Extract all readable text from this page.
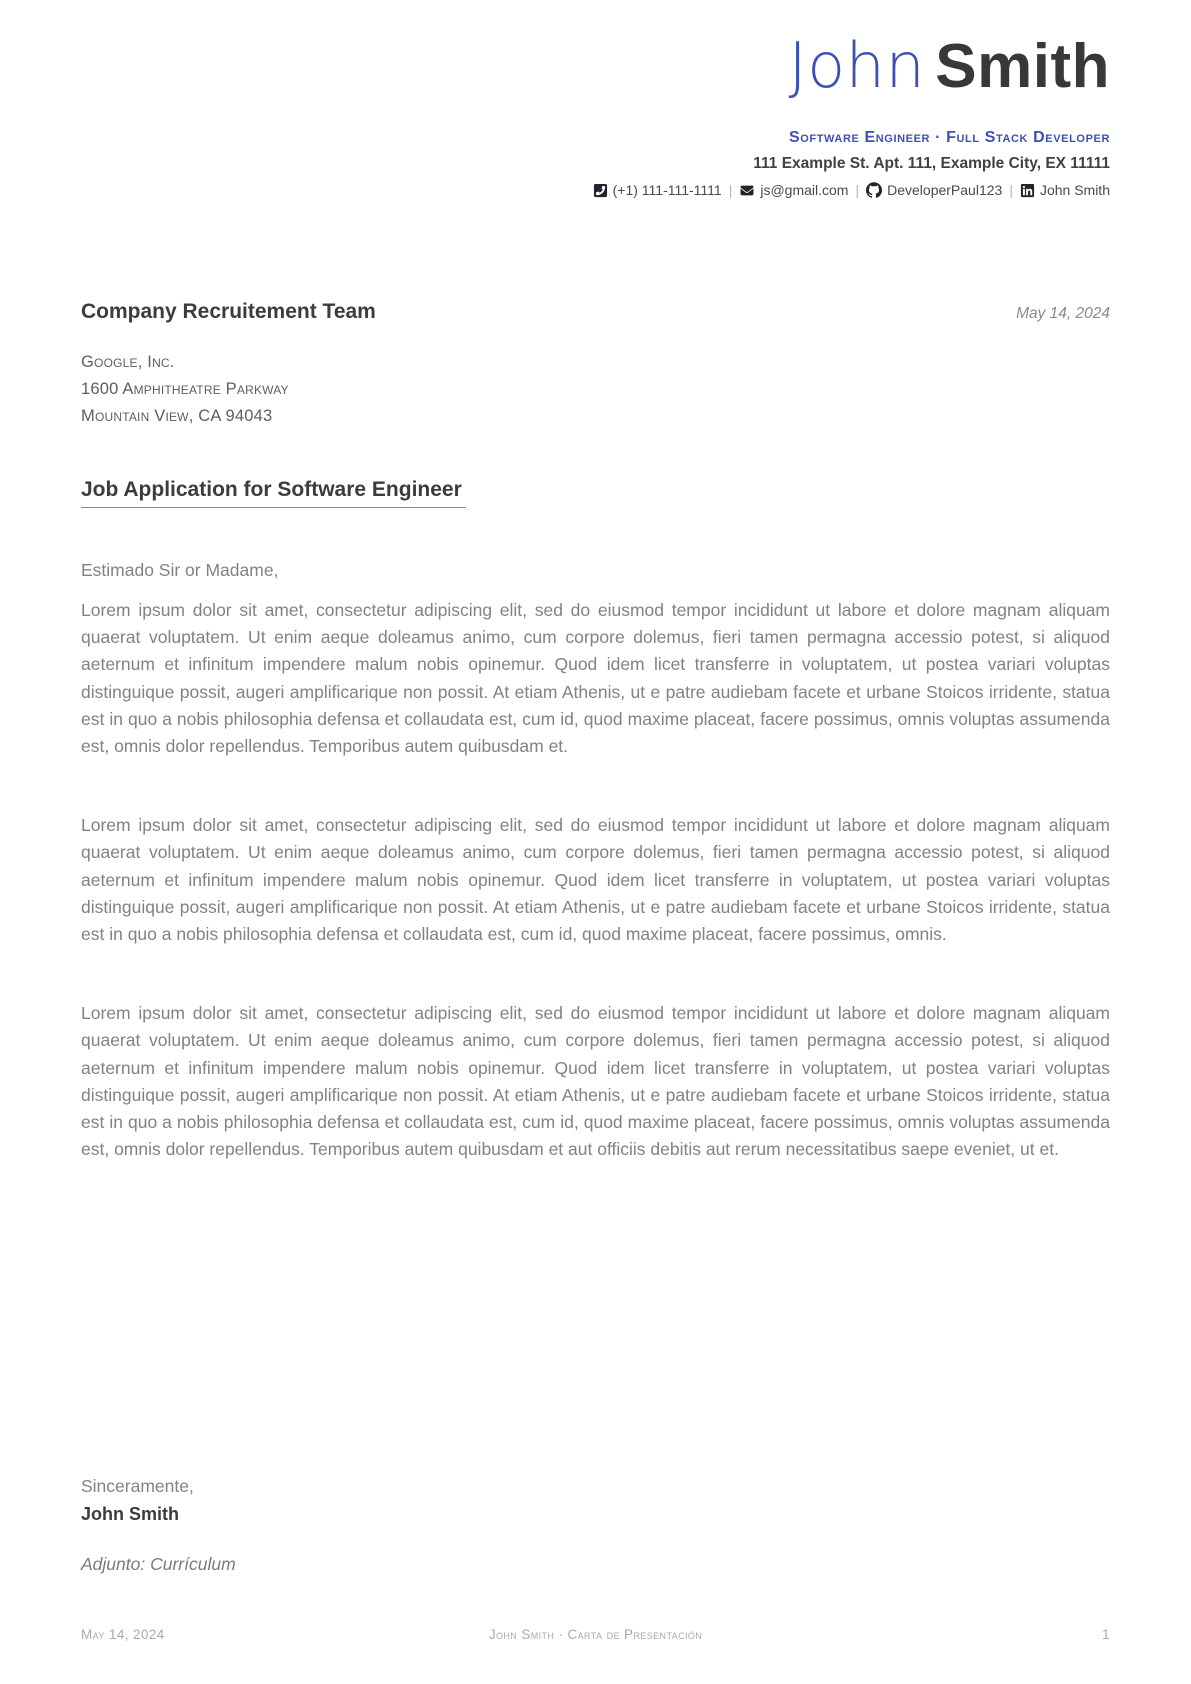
John Smith
Software Engineer · Full Stack Developer
111 Example St. Apt. 111, Example City, EX 11111
(+1) 111-111-1111 | js@gmail.com | DeveloperPaul123 | John Smith
Company Recruitement Team	May 14, 2024
Google, Inc.
1600 Amphitheatre Parkway
Mountain View, CA 94043
Job Application for Software Engineer
Estimado Sir or Madame,

Lorem ipsum dolor sit amet, consectetur adipiscing elit, sed do eiusmod tempor incididunt ut labore et dolore magnam aliquam quaerat voluptatem. Ut enim aeque doleamus animo, cum corpore dolemus, fieri tamen permagna accessio potest, si aliquod aeternum et infinitum impendere malum nobis opinemur. Quod idem licet transferre in voluptatem, ut postea variari voluptas distinguique possit, augeri amplificarique non possit. At etiam Athenis, ut e patre audiebam facete et urbane Stoicos irridente, statua est in quo a nobis philosophia defensa et collaudata est, cum id, quod maxime placeat, facere possimus, omnis voluptas assumenda est, omnis dolor repellendus. Temporibus autem quibusdam et.

Lorem ipsum dolor sit amet, consectetur adipiscing elit, sed do eiusmod tempor incididunt ut labore et dolore magnam aliquam quaerat voluptatem. Ut enim aeque doleamus animo, cum corpore dolemus, fieri tamen permagna accessio potest, si aliquod aeternum et infinitum impendere malum nobis opinemur. Quod idem licet transferre in voluptatem, ut postea variari voluptas distinguique possit, augeri amplificarique non possit. At etiam Athenis, ut e patre audiebam facete et urbane Stoicos irridente, statua est in quo a nobis philosophia defensa et collaudata est, cum id, quod maxime placeat, facere possimus, omnis.

Lorem ipsum dolor sit amet, consectetur adipiscing elit, sed do eiusmod tempor incididunt ut labore et dolore magnam aliquam quaerat voluptatem. Ut enim aeque doleamus animo, cum corpore dolemus, fieri tamen permagna accessio potest, si aliquod aeternum et infinitum impendere malum nobis opinemur. Quod idem licet transferre in voluptatem, ut postea variari voluptas distinguique possit, augeri amplificarique non possit. At etiam Athenis, ut e patre audiebam facete et urbane Stoicos irridente, statua est in quo a nobis philosophia defensa et collaudata est, cum id, quod maxime placeat, facere possimus, omnis voluptas assumenda est, omnis dolor repellendus. Temporibus autem quibusdam et aut officiis debitis aut rerum necessitatibus saepe eveniet, ut et.

Sinceramente,
John Smith
Adjunto: Currículum
May 14, 2024	John Smith · Carta de Presentación	1
